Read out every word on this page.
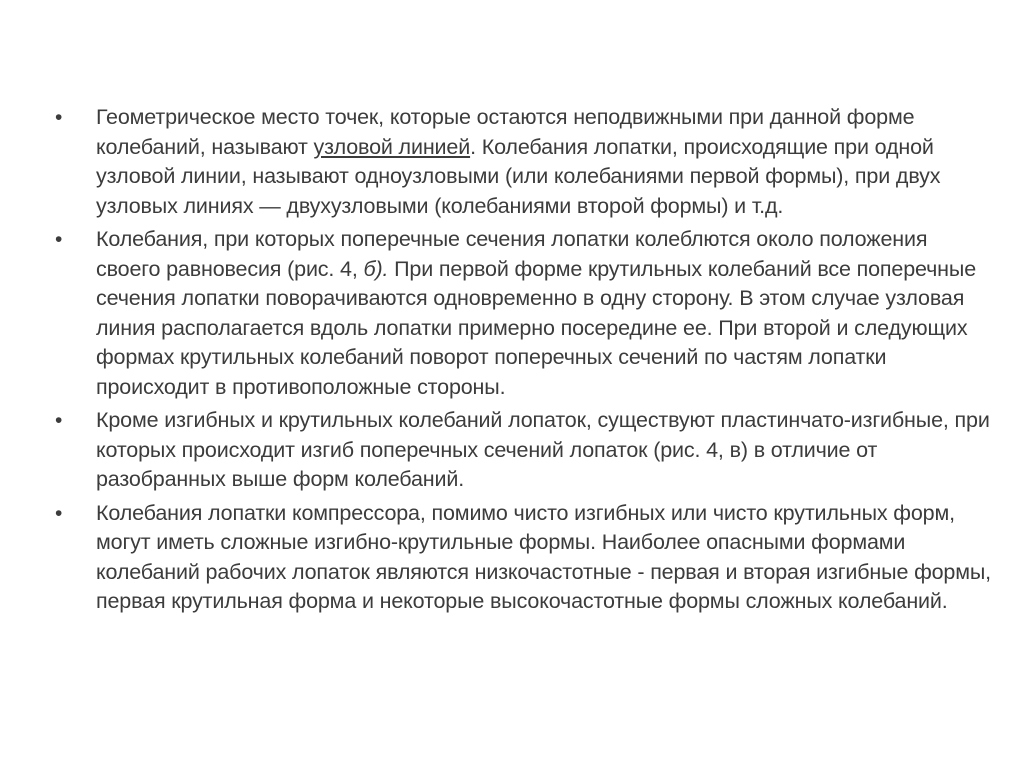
• Геометрическое место точек, которые остаются неподвижными при данной форме колебаний, называют узловой линией. Колебания лопатки, происходящие при одной узловой линии, называют одноузловыми (или колебаниями первой формы), при двух узловых линиях — двухузловыми (колебаниями второй формы) и т.д.
• Колебания, при которых поперечные сечения лопатки колеблются около положения своего равновесия (рис. 4, б). При первой форме крутильных колебаний все поперечные сечения лопатки поворачиваются одновременно в одну сторону. В этом случае узловая линия располагается вдоль лопатки примерно посередине ее. При второй и следующих формах крутильных колебаний поворот поперечных сечений по частям лопатки происходит в противоположные стороны.
• Кроме изгибных и крутильных колебаний лопаток, существуют пластинчато-изгибные, при которых происходит изгиб поперечных сечений лопаток (рис. 4, в) в отличие от разобранных выше форм колебаний.
• Колебания лопатки компрессора, помимо чисто изгибных или чисто крутильных форм, могут иметь сложные изгибно-крутильные формы. Наиболее опасными формами колебаний рабочих лопаток являются низкочастотные - первая и вторая изгибные формы, первая крутильная форма и некоторые высокочастотные формы сложных колебаний.
